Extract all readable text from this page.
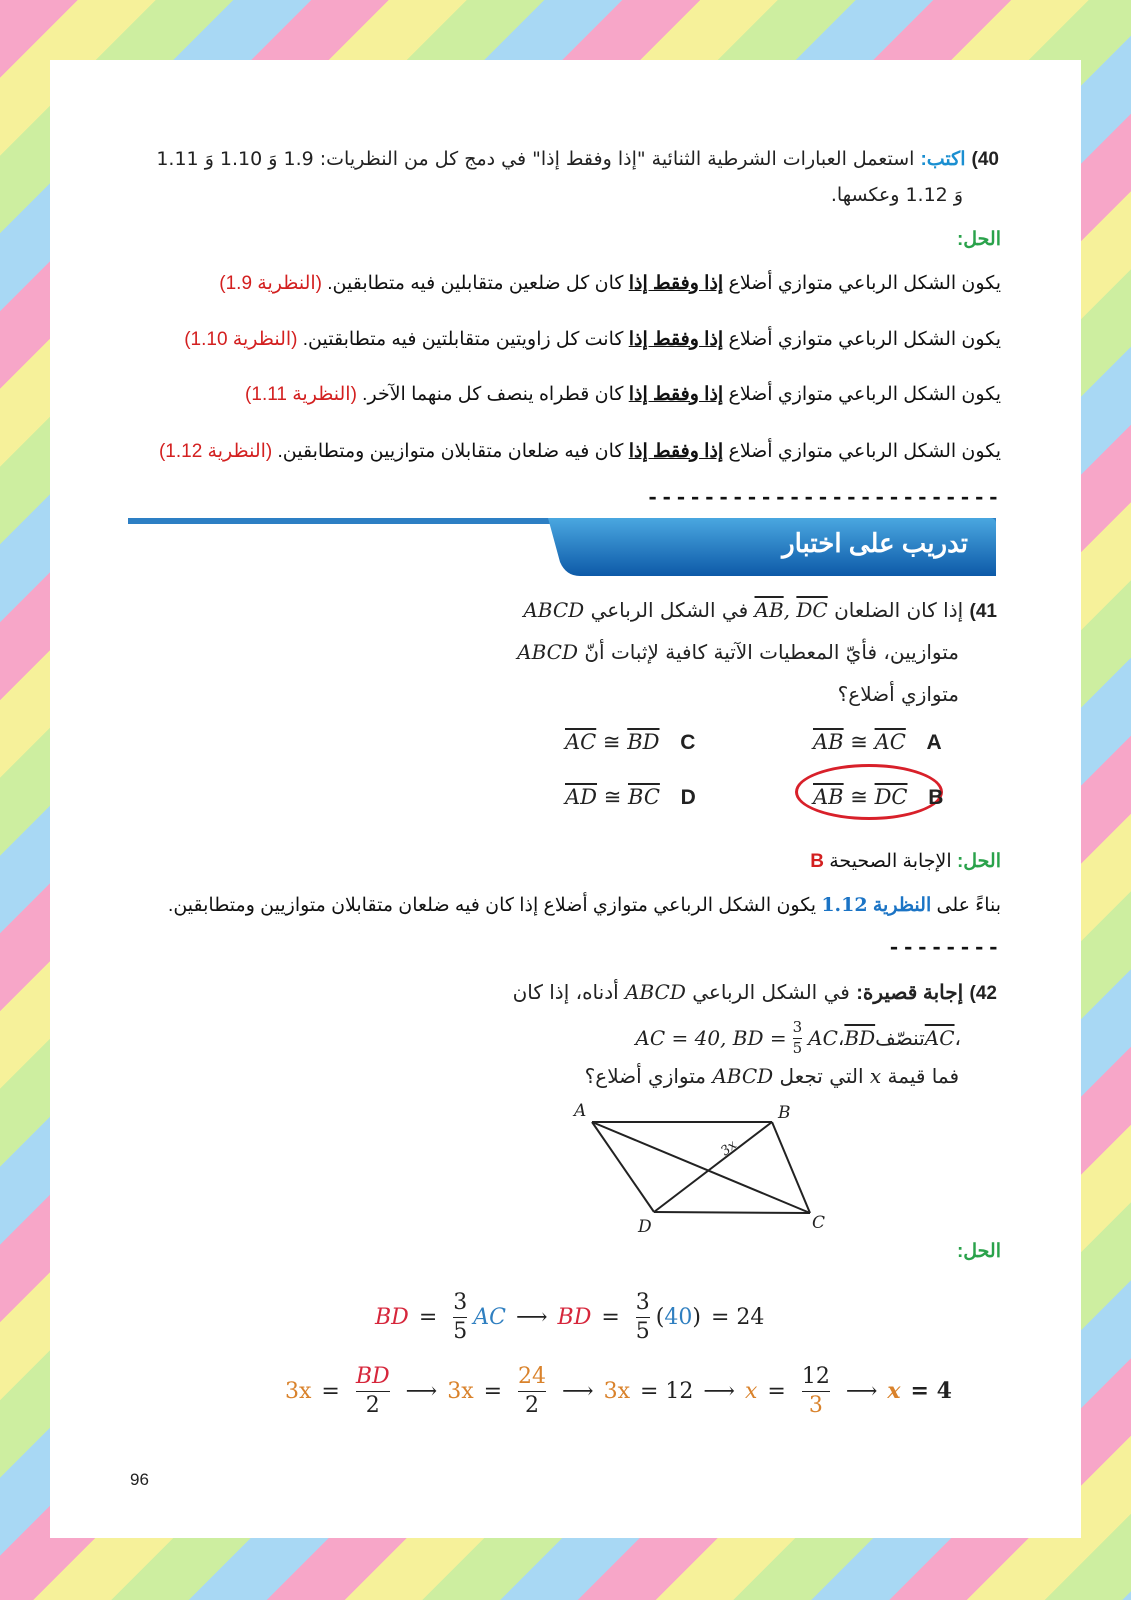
40) اكتب: استعمل العبارات الشرطية الثنائية "إذا وفقط إذا" في دمج كل من النظريات: 1.9 وَ 1.10 وَ 1.11
وَ 1.12 وعكسها.
الحل:
يكون الشكل الرباعي متوازي أضلاع إذا وفقط إذا كان كل ضلعين متقابلين فيه متطابقين. (النظرية 1.9)
يكون الشكل الرباعي متوازي أضلاع إذا وفقط إذا كانت كل زاويتين متقابلتين فيه متطابقتين. (النظرية 1.10)
يكون الشكل الرباعي متوازي أضلاع إذا وفقط إذا كان قطراه ينصف كل منهما الآخر. (النظرية 1.11)
يكون الشكل الرباعي متوازي أضلاع إذا وفقط إذا كان فيه ضلعان متقابلان متوازيين ومتطابقين. (النظرية 1.12)
-------------------------
تدريب على اختبار
41) إذا كان الضلعان AB, DC في الشكل الرباعي ABCD
متوازيين، فأيّ المعطيات الآتية كافية لإثبات أنّ ABCD
متوازي أضلاع؟
$\overline{AB}$ ≅ $\overline{AC}$ A
$\overline{AC}$ ≅ $\overline{BD}$ C
$\overline{AB}$ ≅ $\overline{DC}$ B
$\overline{AD}$ ≅ $\overline{BC}$ D
الحل: الإجابة الصحيحة B
بناءً على النظرية 1.12 يكون الشكل الرباعي متوازي أضلاع إذا كان فيه ضلعان متقابلان متوازيين ومتطابقين.
--------
42) إجابة قصيرة: في الشكل الرباعي ABCD أدناه، إذا كان
،
AC
تنصّف
BD
،
AC = 40, BD = $\frac{3}{5}$ AC
فما قيمة x التي تجعل ABCD متوازي أضلاع؟
A	B
C
D
3x
الحل:
BD = $\frac{3}{5}$ AC ⟶ BD = $\frac{3}{5}$ ( 40 ) = 24
$3x = \frac{BD}{2}$ ⟶ $3x = \frac{24}{2}$ ⟶ 3x = 12 ⟶ $x = \frac{12}{3}$ ⟶ x = 4
96
